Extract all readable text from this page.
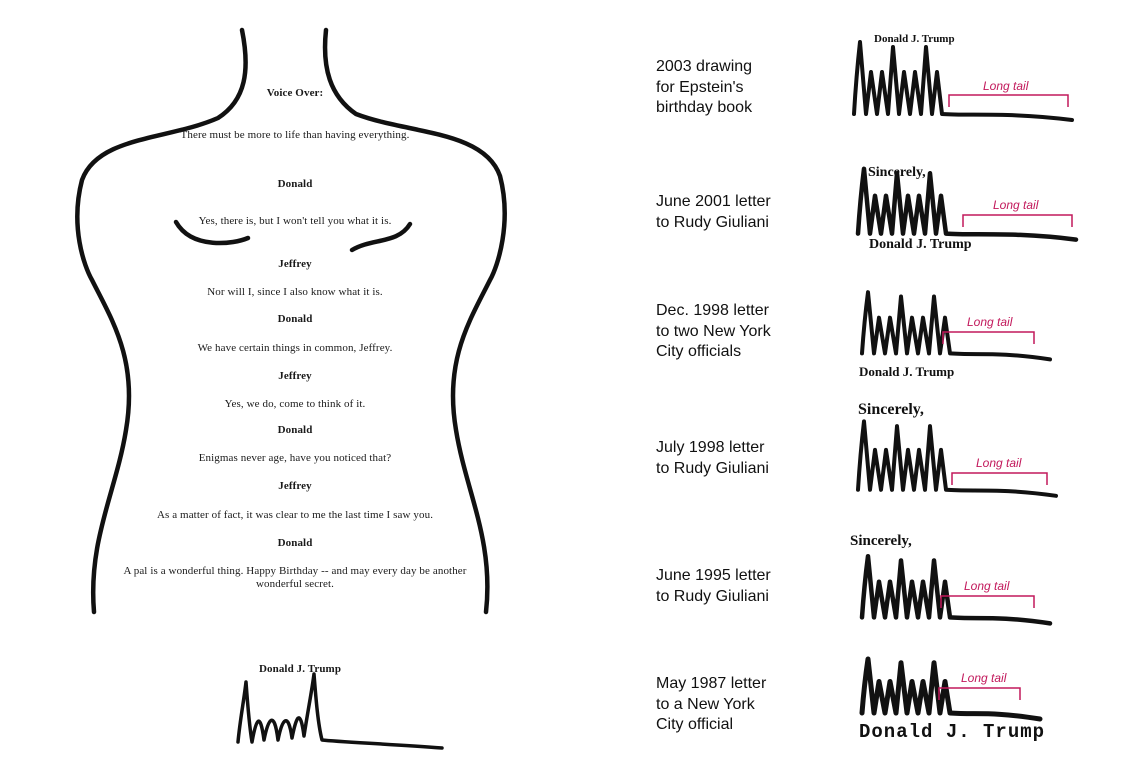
Voice Over:
There must be more to life than having everything.
Donald
Yes, there is, but I won't tell you what it is.
Jeffrey
Nor will I, since I also know what it is.
Donald
We have certain things in common, Jeffrey.
Jeffrey
Yes, we do, come to think of it.
Donald
Enigmas never age, have you noticed that?
Jeffrey
As a matter of fact, it was clear to me the last time I saw you.
Donald
A pal is a wonderful thing. Happy Birthday -- and may every day be another
wonderful secret.
Donald J. Trump
2003 drawing
for Epstein's
birthday book
June 2001 letter
to Rudy Giuliani
Dec. 1998 letter
to two New York
City officials
July 1998 letter
to Rudy Giuliani
June 1995 letter
to Rudy Giuliani
May 1987 letter
to a New York
City official
Donald J. Trump
Long tail
Sincerely,
Long tail
Donald J. Trump
Long tail
Donald J. Trump
Sincerely,
Long tail
Sincerely,
Long tail
Long tail
Donald J. Trump
